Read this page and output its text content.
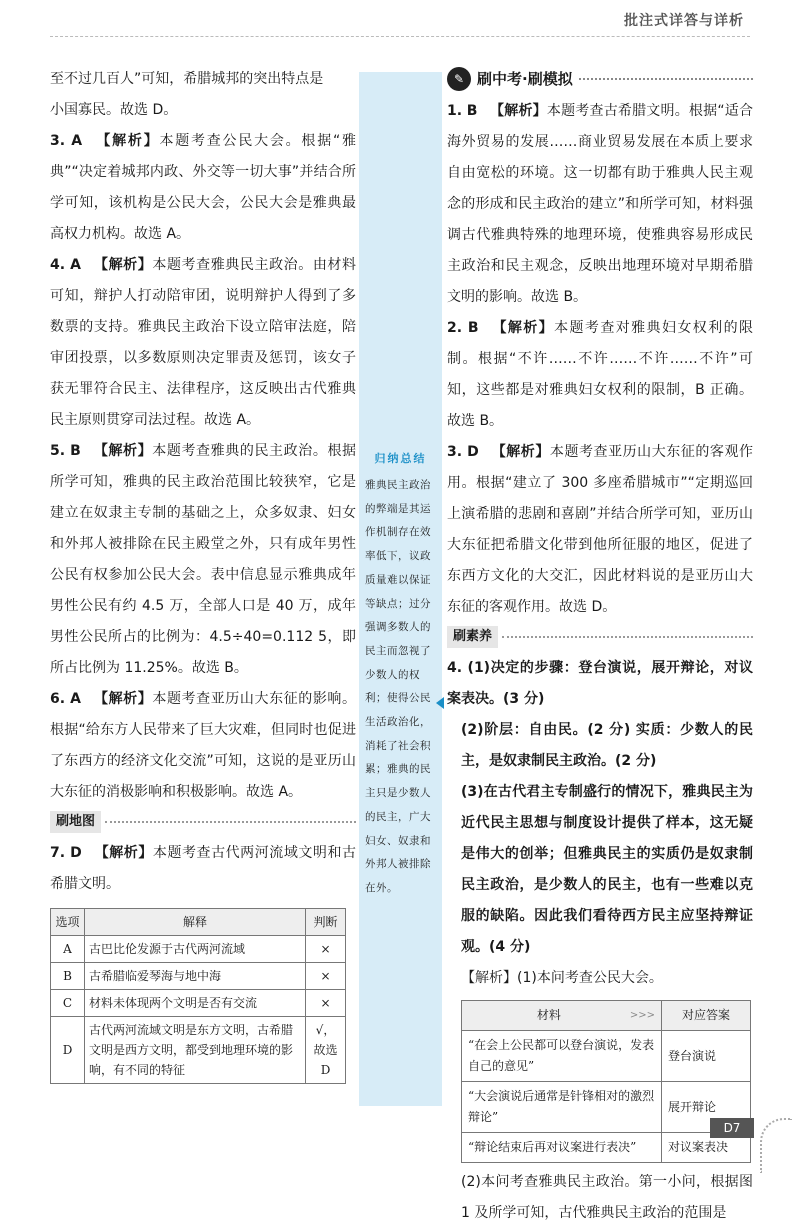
批注式详答与详析

至不过几百人”可知，希腊城邦的突出特点是

小国寡民。故选 D。

3. A 【解析】本题考查公民大会。根据“雅典”“决定着城邦内政、外交等一切大事”并结合所学可知，该机构是公民大会，公民大会是雅典最高权力机构。故选 A。

4. A 【解析】本题考查雅典民主政治。由材料可知，辩护人打动陪审团，说明辩护人得到了多数票的支持。雅典民主政治下设立陪审法庭，陪审团投票，以多数原则决定罪责及惩罚，该女子获无罪符合民主、法律程序，这反映出古代雅典民主原则贯穿司法过程。故选 A。

5. B 【解析】本题考查雅典的民主政治。根据所学可知，雅典的民主政治范围比较狭窄，它是建立在奴隶主专制的基础之上，众多奴隶、妇女和外邦人被排除在民主殿堂之外，只有成年男性公民有权参加公民大会。表中信息显示雅典成年男性公民有约 4.5 万，全部人口是 40 万，成年男性公民所占的比例为：4.5÷40=0.112 5，即所占比例为 11.25%。故选 B。

6. A 【解析】本题考查亚历山大东征的影响。根据“给东方人民带来了巨大灾难，但同时也促进了东西方的经济文化交流”可知，这说的是亚历山大东征的消极影响和积极影响。故选 A。

刷地图

7. D 【解析】本题考查古代两河流域文明和古希腊文明。

选项	解释	判断
A	古巴比伦发源于古代两河流域	×
B	古希腊临爱琴海与地中海	×
C	材料未体现两个文明是否有交流	×
D	古代两河流域文明是东方文明，古希腊文明是西方文明，都受到地理环境的影响，有不同的特征	√，故选 D
归纳总结
雅典民主政治的弊端是其运作机制存在效率低下，议政质量难以保证等缺点；过分强调多数人的民主而忽视了少数人的权利；使得公民生活政治化，消耗了社会积累；雅典的民主只是少数人的民主，广大妇女、奴隶和外邦人被排除在外。
✎ 刷中考·刷模拟

1. B 【解析】本题考查古希腊文明。根据“适合海外贸易的发展……商业贸易发展在本质上要求自由宽松的环境。这一切都有助于雅典人民主观念的形成和民主政治的建立”和所学可知，材料强调古代雅典特殊的地理环境，使雅典容易形成民主政治和民主观念，反映出地理环境对早期希腊文明的影响。故选 B。

2. B 【解析】本题考查对雅典妇女权利的限制。根据“不许……不许……不许……不许”可知，这些都是对雅典妇女权利的限制，B 正确。故选 B。

3. D 【解析】本题考查亚历山大东征的客观作用。根据“建立了 300 多座希腊城市”“定期巡回上演希腊的悲剧和喜剧”并结合所学可知，亚历山大东征把希腊文化带到他所征服的地区，促进了东西方文化的大交汇，因此材料说的是亚历山大东征的客观作用。故选 D。

刷素养

4. (1)决定的步骤：登台演说，展开辩论，对议案表决。(3 分)

(2)阶层：自由民。(2 分) 实质：少数人的民主，是奴隶制民主政治。(2 分)

(3)在古代君主专制盛行的情况下，雅典民主为近代民主思想与制度设计提供了样本，这无疑是伟大的创举；但雅典民主的实质仍是奴隶制民主政治，是少数人的民主，也有一些难以克服的缺陷。因此我们看待西方民主应坚持辩证观。(4 分)

【解析】(1)本问考查公民大会。

材料 >>>	对应答案
“在会上公民都可以登台演说，发表自己的意见”	登台演说
“大会演说后通常是针锋相对的激烈辩论”	展开辩论
“辩论结束后再对议案进行表决”	对议案表决

(2)本问考查雅典民主政治。第一小问，根据图 1 及所学可知，古代雅典民主政治的范围是

D7
